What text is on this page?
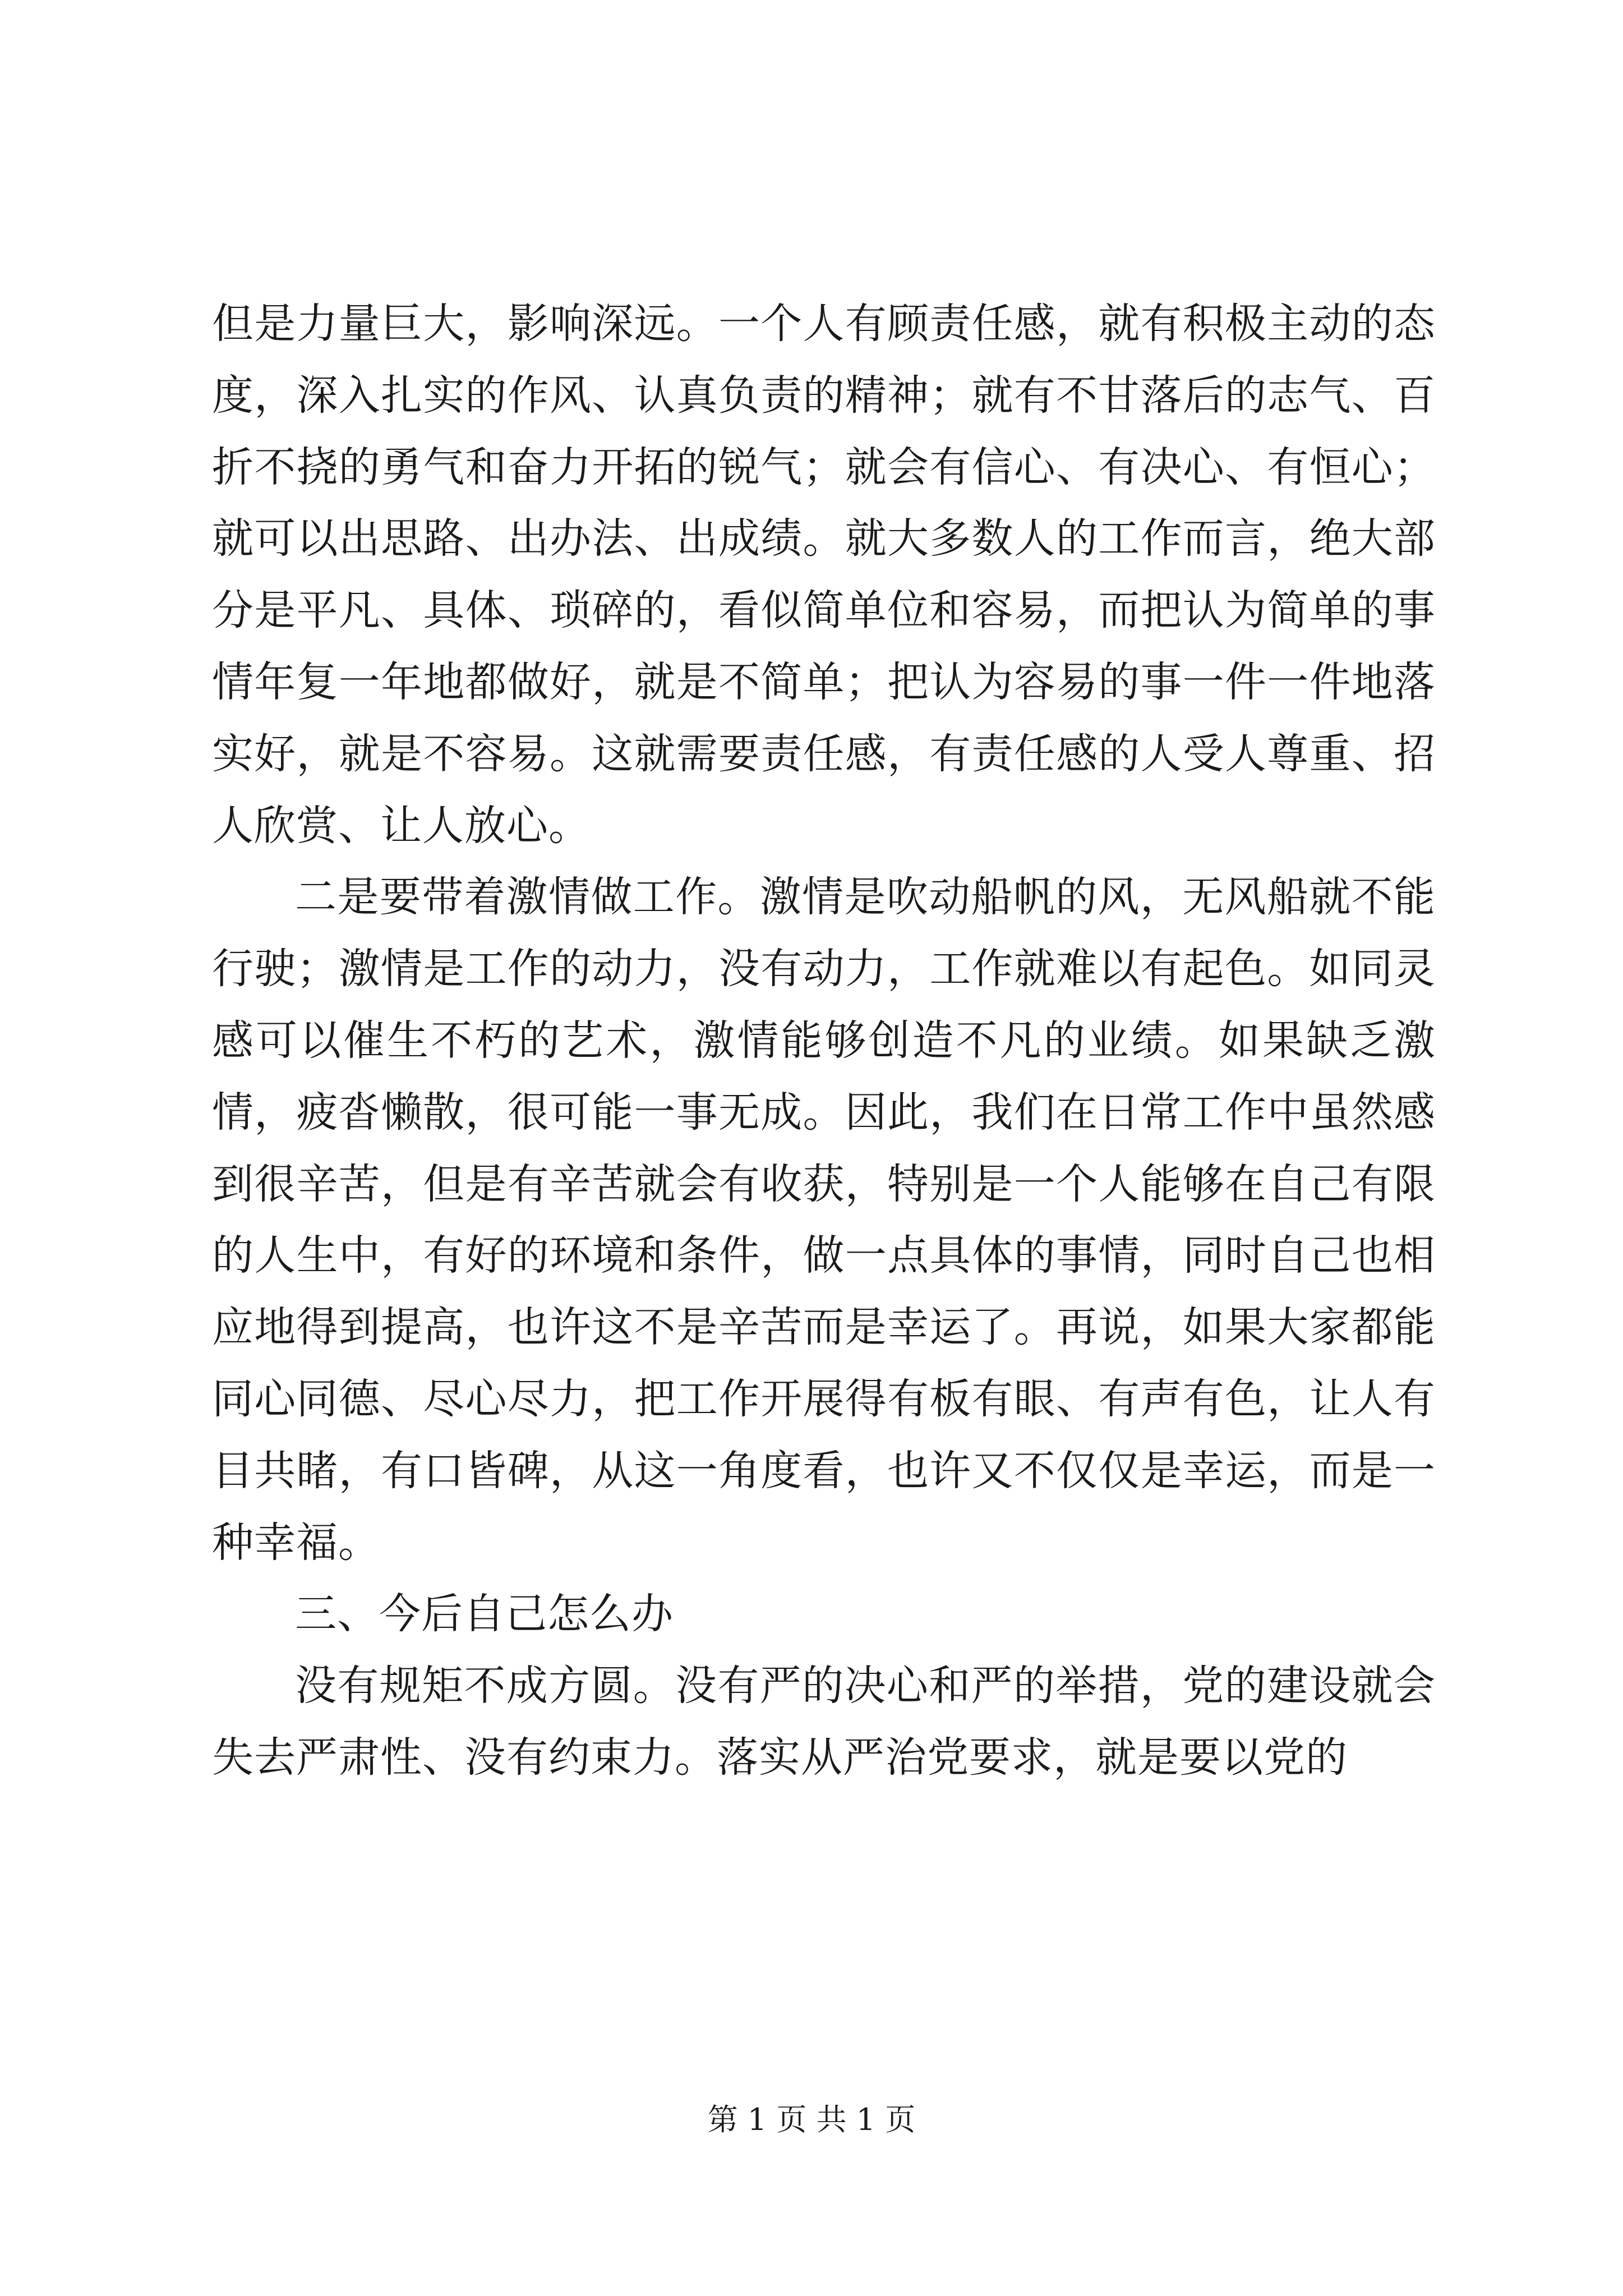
但是力量巨大，影响深远。一个人有顾责任感，就有积极主动的态度，深入扎实的作风、认真负责的精神；就有不甘落后的志气、百折不挠的勇气和奋力开拓的锐气；就会有信心、有决心、有恒心；就可以出思路、出办法、出成绩。就大多数人的工作而言，绝大部分是平凡、具体、琐碎的，看似简单位和容易，而把认为简单的事情年复一年地都做好，就是不简单；把认为容易的事一件一件地落实好，就是不容易。这就需要责任感，有责任感的人受人尊重、招人欣赏、让人放心。

二是要带着激情做工作。激情是吹动船帆的风，无风船就不能行驶；激情是工作的动力，没有动力，工作就难以有起色。如同灵感可以催生不朽的艺术，激情能够创造不凡的业绩。如果缺乏激情，疲沓懒散，很可能一事无成。因此，我们在日常工作中虽然感到很辛苦，但是有辛苦就会有收获，特别是一个人能够在自己有限的人生中，有好的环境和条件，做一点具体的事情，同时自己也相应地得到提高，也许这不是辛苦而是幸运了。再说，如果大家都能同心同德、尽心尽力，把工作开展得有板有眼、有声有色，让人有目共睹，有口皆碑，从这一角度看，也许又不仅仅是幸运，而是一种幸福。

三、今后自己怎么办

没有规矩不成方圆。没有严的决心和严的举措，党的建设就会失去严肃性、没有约束力。落实从严治党要求，就是要以党的

第 1 页 共 1 页
